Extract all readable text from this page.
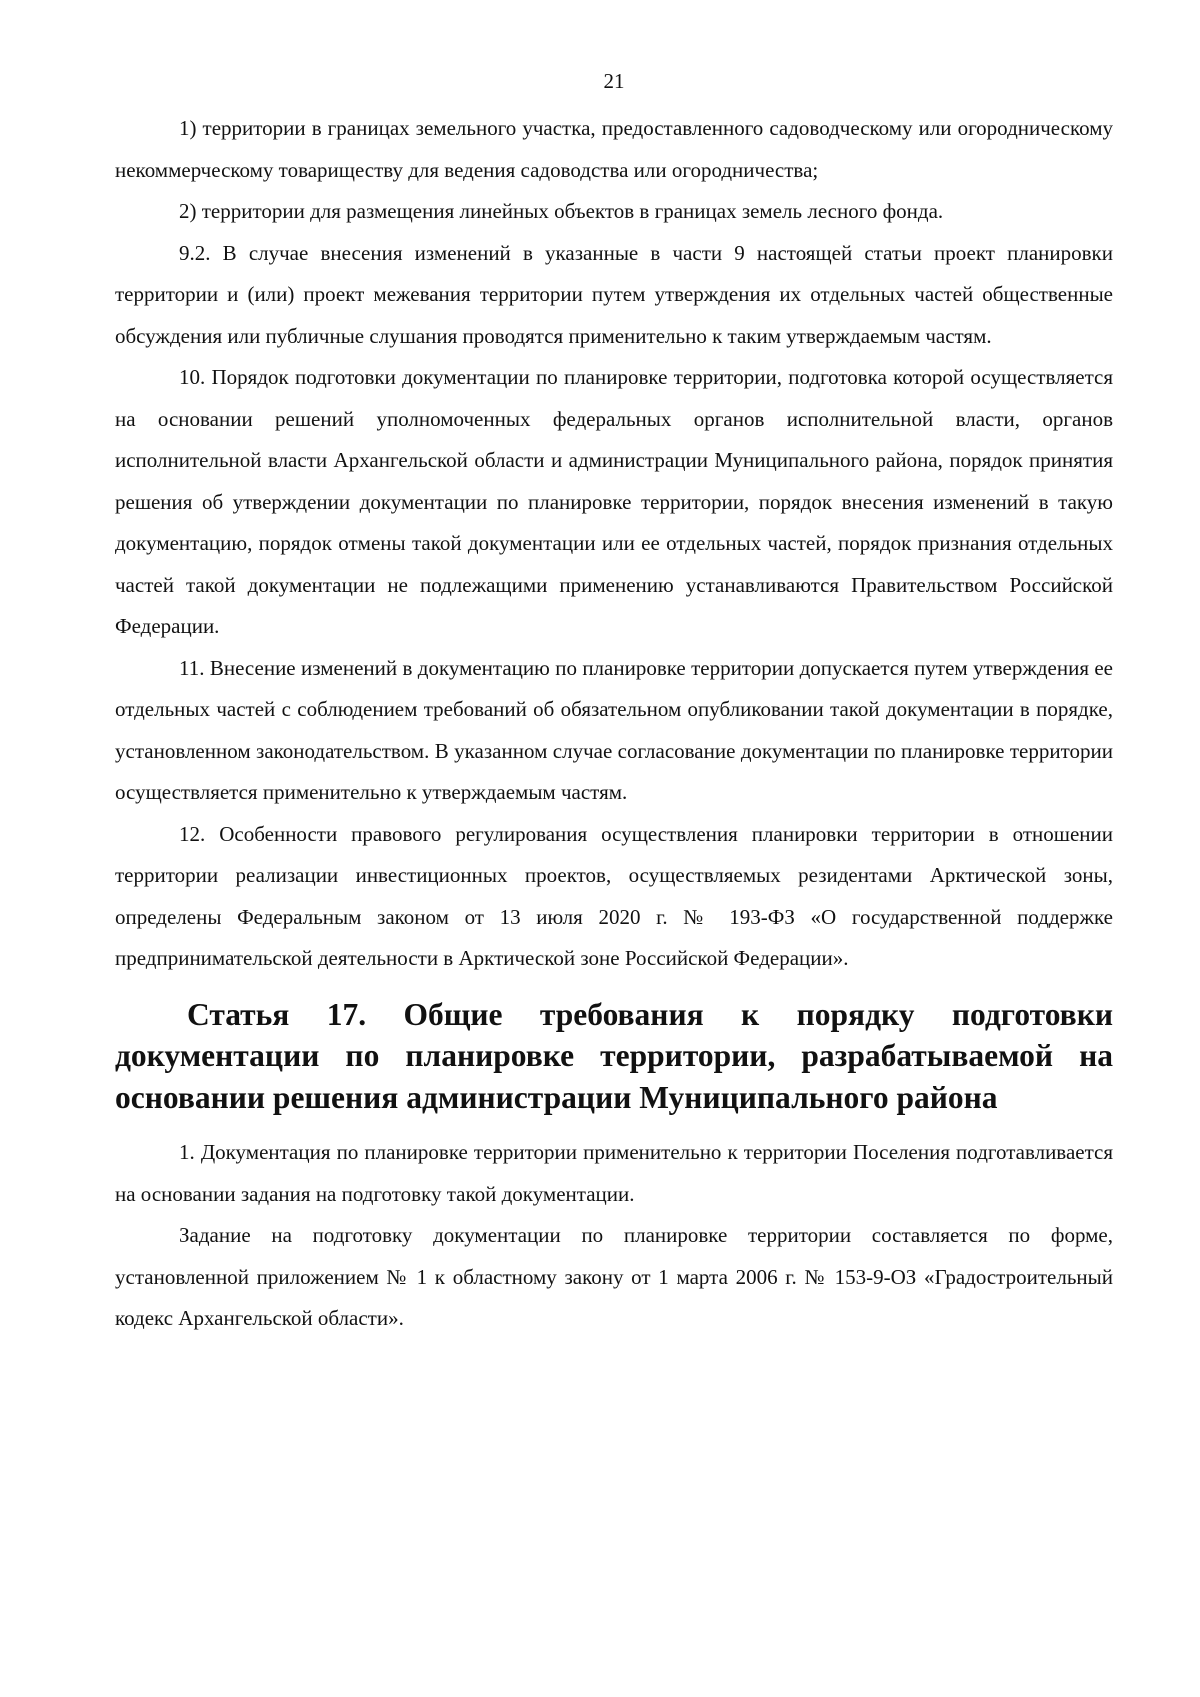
21

1) территории в границах земельного участка, предоставленного садоводческому или огородническому некоммерческому товариществу для ведения садоводства или огородничества;

2) территории для размещения линейных объектов в границах земель лесного фонда.

9.2. В случае внесения изменений в указанные в части 9 настоящей статьи проект планировки территории и (или) проект межевания территории путем утверждения их отдельных частей общественные обсуждения или публичные слушания проводятся применительно к таким утверждаемым частям.

10. Порядок подготовки документации по планировке территории, подготовка которой осуществляется на основании решений уполномоченных федеральных органов исполнительной власти, органов исполнительной власти Архангельской области и администрации Муниципального района, порядок принятия решения об утверждении документации по планировке территории, порядок внесения изменений в такую документацию, порядок отмены такой документации или ее отдельных частей, порядок признания отдельных частей такой документации не подлежащими применению устанавливаются Правительством Российской Федерации.

11. Внесение изменений в документацию по планировке территории допускается путем утверждения ее отдельных частей с соблюдением требований об обязательном опубликовании такой документации в порядке, установленном законодательством. В указанном случае согласование документации по планировке территории осуществляется применительно к утверждаемым частям.

12. Особенности правового регулирования осуществления планировки территории в отношении территории реализации инвестиционных проектов, осуществляемых резидентами Арктической зоны, определены Федеральным законом от 13 июля 2020 г. № 193-ФЗ «О государственной поддержке предпринимательской деятельности в Арктической зоне Российской Федерации».

Статья 17. Общие требования к порядку подготовки документации по планировке территории, разрабатываемой на основании решения администрации Муниципального района

1. Документация по планировке территории применительно к территории Поселения подготавливается на основании задания на подготовку такой документации.

Задание на подготовку документации по планировке территории составляется по форме, установленной приложением № 1 к областному закону от 1 марта 2006 г. № 153-9-ОЗ «Градостроительный кодекс Архангельской области».
